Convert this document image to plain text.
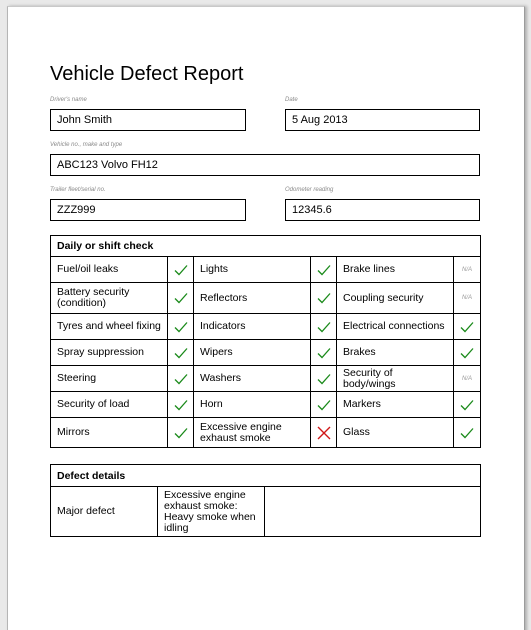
Vehicle Defect Report
Driver's name
John Smith
Date
5 Aug 2013
Vehicle no., make and type
ABC123 Volvo FH12
Trailer fleet/serial no.
ZZZ999
Odometer reading
12345.6
Daily or shift check					
Fuel/oil leaks		Lights		Brake lines	N/A

Battery security (condition)		Reflectors		Coupling security	N/A

Tyres and wheel fixing		Indicators		Electrical connections	

Spray suppression		Wipers		Brakes	

Steering		Washers		Security of body/wings	N/A

Security of load		Horn		Markers	

Mirrors		Excessive engine exhaust smoke		Glass	
Defect details
Major defect	Excessive engine exhaust smoke: Heavy smoke when idling	
